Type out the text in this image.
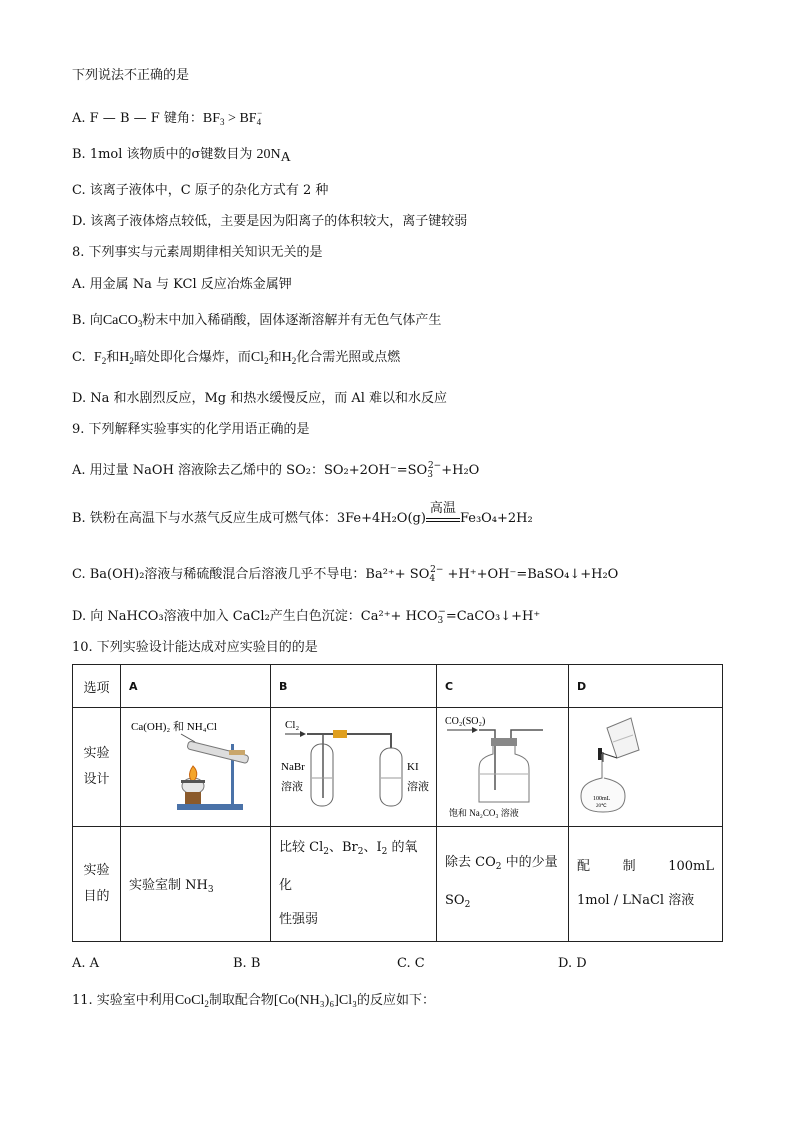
下列说法不正确的是
A. F — B — F 键角：$BF_3 > BF_4^-$
B. 1mol 该物质中的σ键数目为 20NA
C. 该离子液体中，C 原子的杂化方式有 2 种
D. 该离子液体熔点较低，主要是因为阳离子的体积较大，离子键较弱
8. 下列事实与元素周期律相关知识无关的是
A. 用金属 Na 与 KCl 反应冶炼金属钾
B. 向CaCO$_3$粉末中加入稀硝酸，固体逐渐溶解并有无色气体产生
C. $F_2$和$H_2$暗处即化合爆炸，而$Cl_2$和$H_2$化合需光照或点燃
D. Na 和水剧烈反应，Mg 和热水缓慢反应，而 Al 难以和水反应
9. 下列解释实验事实的化学用语正确的是
A. 用过量 NaOH 溶液除去乙烯中的 SO₂：$SO_2+2OH^-=SO_3^{2-}+H_2O$
B. 铁粉在高温下与水蒸气反应生成可燃气体：3Fe+4H₂O(g)
高温
Fe₃O₄+2H₂
C. Ba(OH)₂溶液与稀硫酸混合后溶液几乎不导电：$Ba^{2+}+ SO_4^{2-}$ +H⁺+OH⁻=BaSO₄↓+H₂O
D. 向 NaHCO₃溶液中加入 CaCl₂产生白色沉淀：$Ca^{2+}+ HCO_3^-=CaCO_3↓+H^+$
10. 下列实验设计能达成对应实验目的的是
选项	A	B	C	D
实验设计	Ca(OH)₂ 和 NH₄Cl	Cl₂
NaBr
溶液
KI
溶液	CO₂(SO₂)
饱和 Na₂CO₃ 溶液	100mL
20℃

实验目的	实验室制 $NH_3$	比较 $Cl_2$、$Br_2$、$I_2$ 的氧化
性强弱	除去 $CO_2$ 中的少量
$SO_2$	配 制 100mL
1mol / LNaCl 溶液
A. A	B. B	C. C	D. D
11. 实验室中利用CoCl$_2$制取配合物[Co(NH₃)₆]Cl₃的反应如下：
